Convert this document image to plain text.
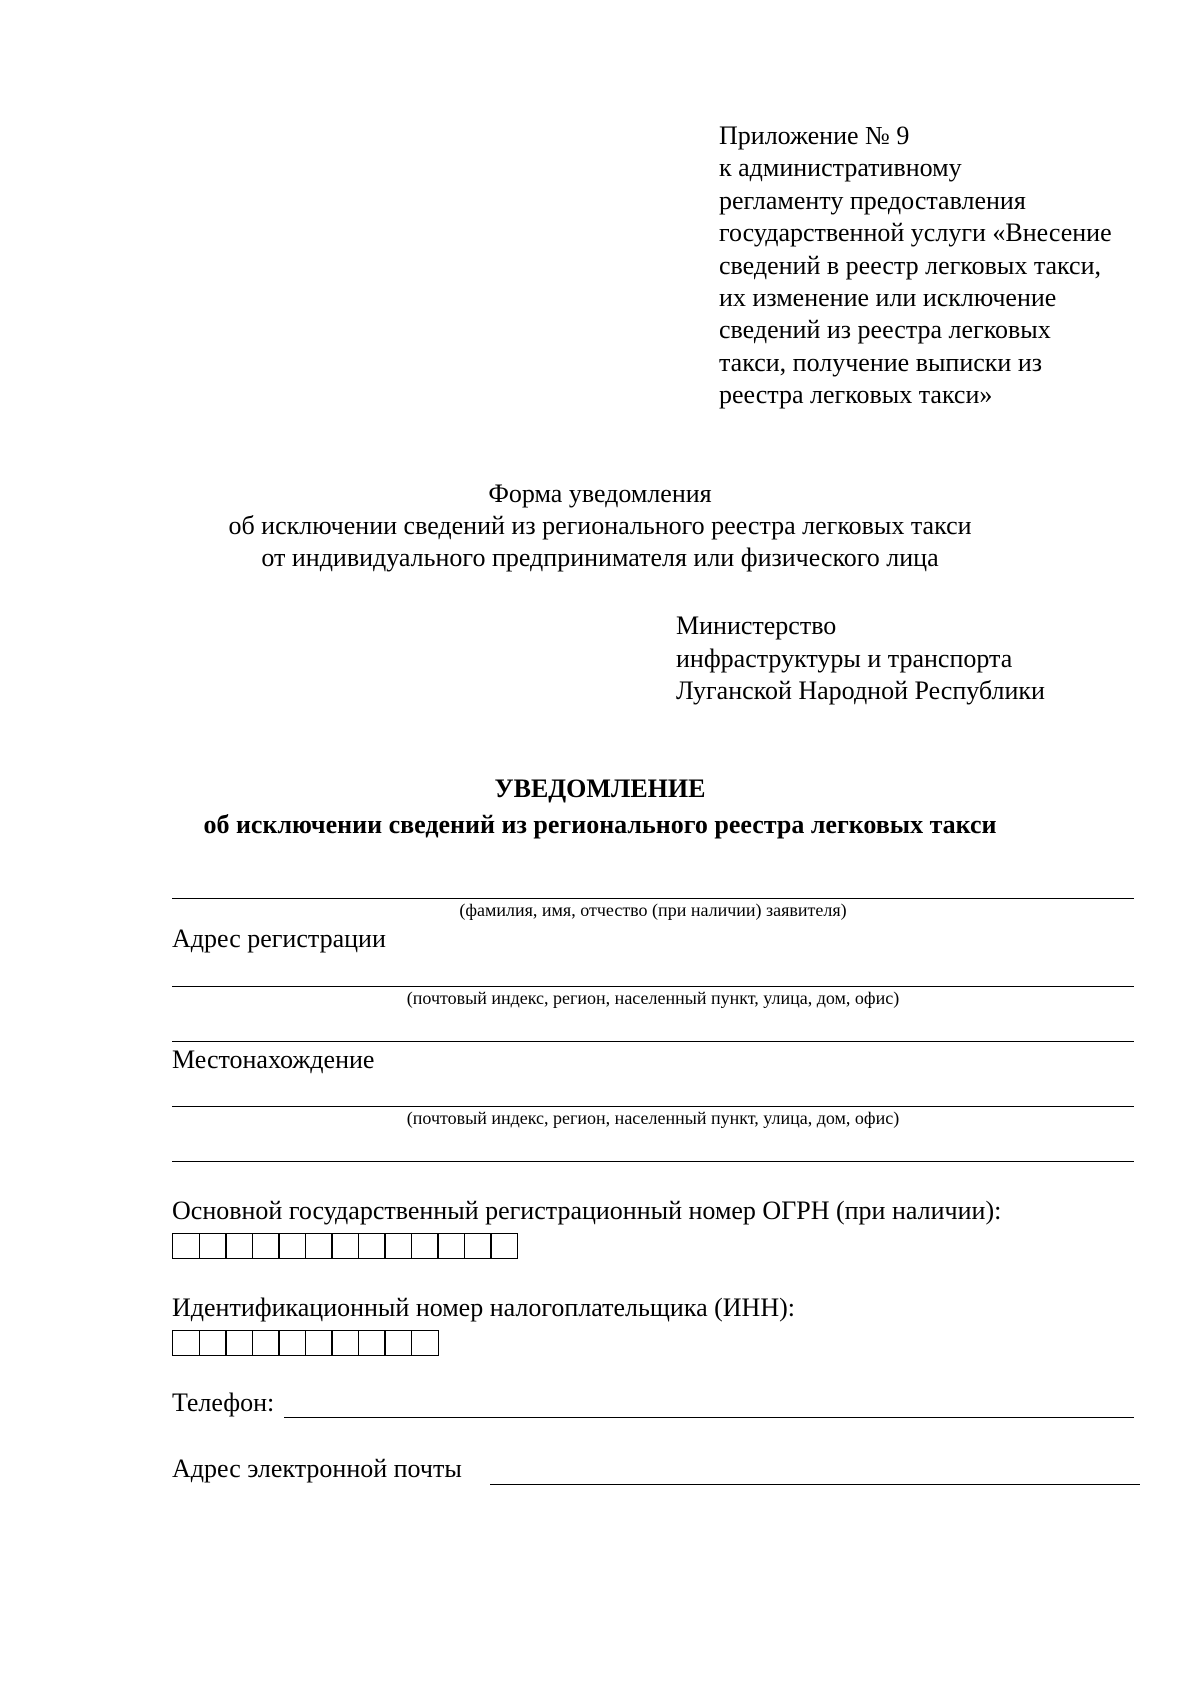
Приложение № 9
к административному
регламенту предоставления
государственной услуги «Внесение
сведений в реестр легковых такси,
их изменение или исключение
сведений из реестра легковых
такси, получение выписки из
реестра легковых такси»
Форма уведомления
об исключении сведений из регионального реестра легковых такси
от индивидуального предпринимателя или физического лица
Министерство
инфраструктуры и транспорта
Луганской Народной Республики
УВЕДОМЛЕНИЕ
об исключении сведений из регионального реестра легковых такси
(фамилия, имя, отчество (при наличии) заявителя)
Адрес регистрации
(почтовый индекс, регион, населенный пункт, улица, дом, офис)
Местонахождение
(почтовый индекс, регион, населенный пункт, улица, дом, офис)
Основной государственный регистрационный номер ОГРН (при наличии):
Идентификационный номер налогоплательщика (ИНН):
Телефон:
Адрес электронной почты
